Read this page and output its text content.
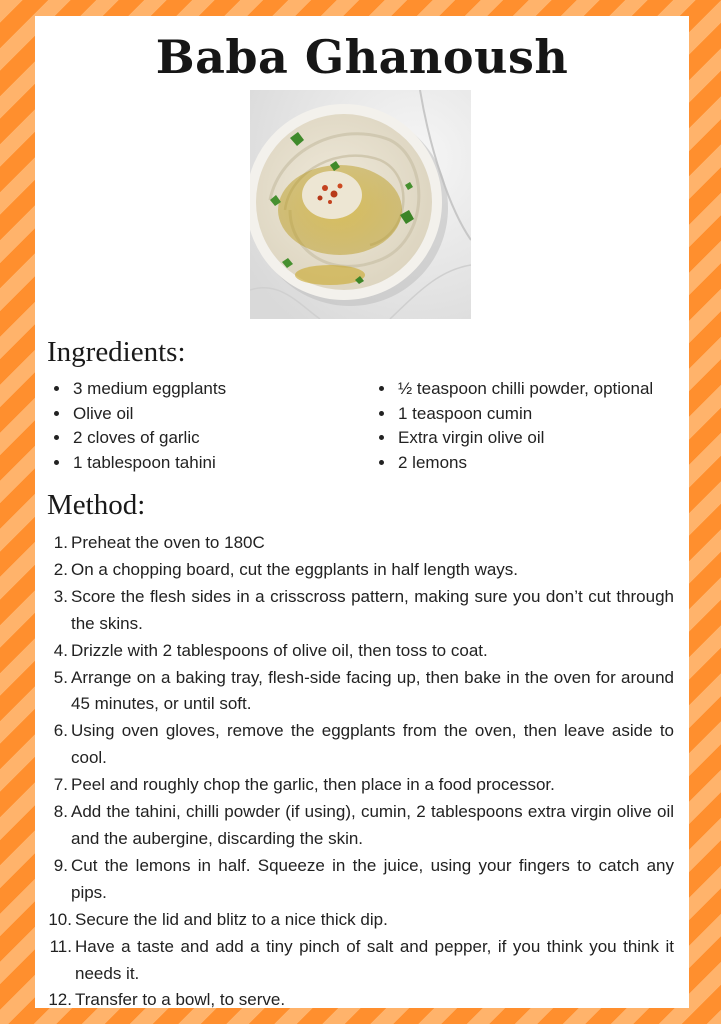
Baba Ghanoush
Ingredients:
• 3 medium eggplants
• Olive oil
• 2 cloves of garlic
• 1 tablespoon tahini
• ½ teaspoon chilli powder, optional
• 1 teaspoon cumin
• Extra virgin olive oil
• 2 lemons
Method:
Preheat the oven to 180C
On a chopping board, cut the eggplants in half length ways.
Score the flesh sides in a crisscross pattern, making sure you don’t cut through the skins.
Drizzle with 2 tablespoons of olive oil, then toss to coat.
Arrange on a baking tray, flesh-side facing up, then bake in the oven for around 45 minutes, or until soft.
Using oven gloves, remove the eggplants from the oven, then leave aside to cool.
Peel and roughly chop the garlic, then place in a food processor.
Add the tahini, chilli powder (if using), cumin, 2 tablespoons extra virgin olive oil and the aubergine, discarding the skin.
Cut the lemons in half. Squeeze in the juice, using your fingers to catch any pips.
Secure the lid and blitz to a nice thick dip.
Have a taste and add a tiny pinch of salt and pepper, if you think you think it needs it.
Transfer to a bowl, to serve.
